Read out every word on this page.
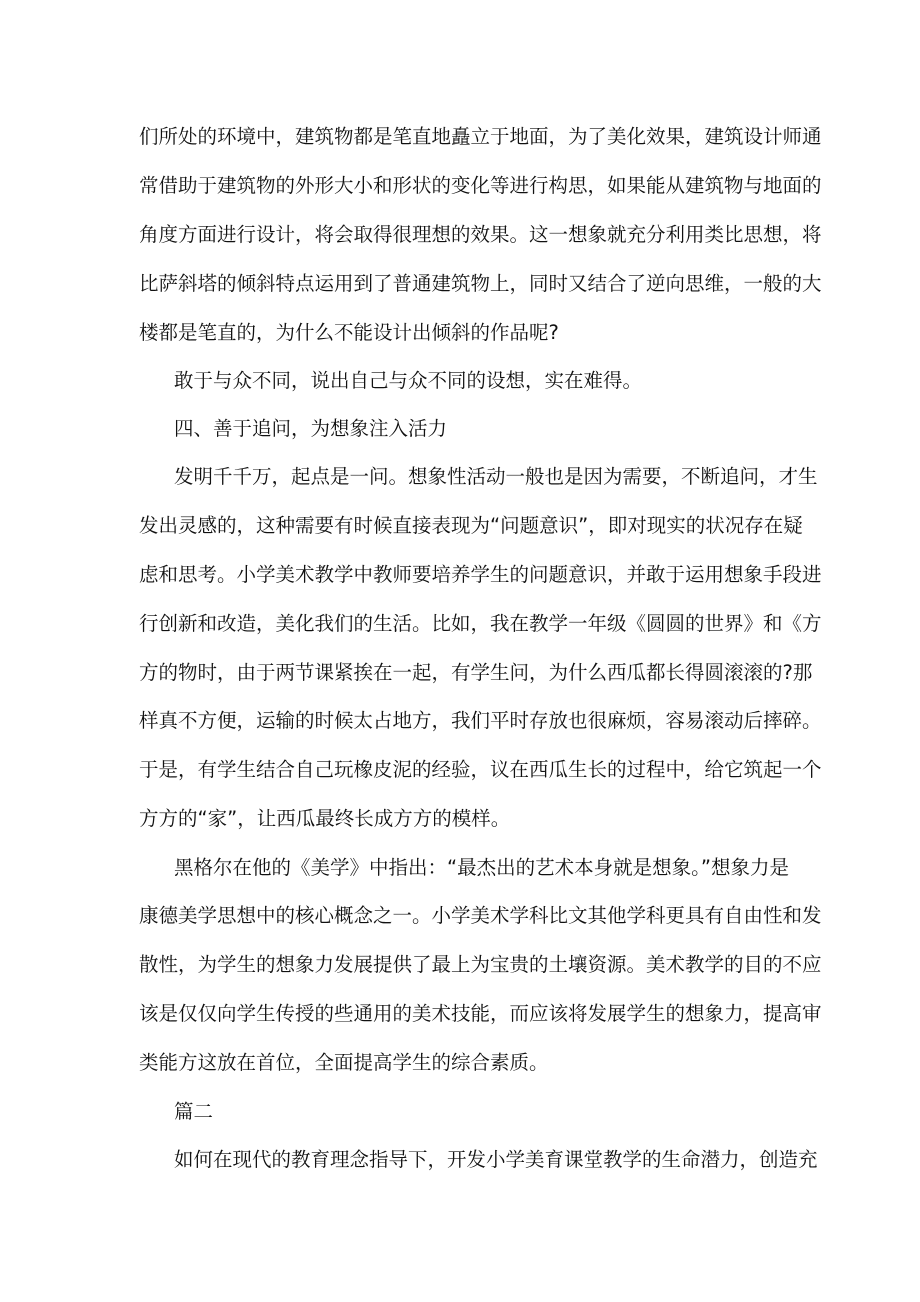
们所处的环境中，建筑物都是笔直地矗立于地面，为了美化效果，建筑设计师通
常借助于建筑物的外形大小和形状的变化等进行构思，如果能从建筑物与地面的
角度方面进行设计，将会取得很理想的效果。这一想象就充分利用类比思想，将
比萨斜塔的倾斜特点运用到了普通建筑物上，同时又结合了逆向思维，一般的大
楼都是笔直的，为什么不能设计出倾斜的作品呢?
敢于与众不同，说出自己与众不同的设想，实在难得。
四、善于追问，为想象注入活力
发明千千万，起点是一问。想象性活动一般也是因为需要，不断追问，才生
发出灵感的，这种需要有时候直接表现为“问题意识”，即对现实的状况存在疑
虑和思考。小学美术教学中教师要培养学生的问题意识，并敢于运用想象手段进
行创新和改造，美化我们的生活。比如，我在教学一年级《圆圆的世界》和《方
方的物时，由于两节课紧挨在一起，有学生问，为什么西瓜都长得圆滚滚的?那
样真不方便，运输的时候太占地方，我们平时存放也很麻烦，容易滚动后摔碎。
于是，有学生结合自己玩橡皮泥的经验，议在西瓜生长的过程中，给它筑起一个
方方的“家”，让西瓜最终长成方方的模样。
黑格尔在他的《美学》中指出：“最杰出的艺术本身就是想象。”想象力是
康德美学思想中的核心概念之一。小学美术学科比文其他学科更具有自由性和发
散性，为学生的想象力发展提供了最上为宝贵的土壤资源。美术教学的目的不应
该是仅仅向学生传授的些通用的美术技能，而应该将发展学生的想象力，提高审
类能方这放在首位，全面提高学生的综合素质。
篇二
如何在现代的教育理念指导下，开发小学美育课堂教学的生命潜力，创造充
